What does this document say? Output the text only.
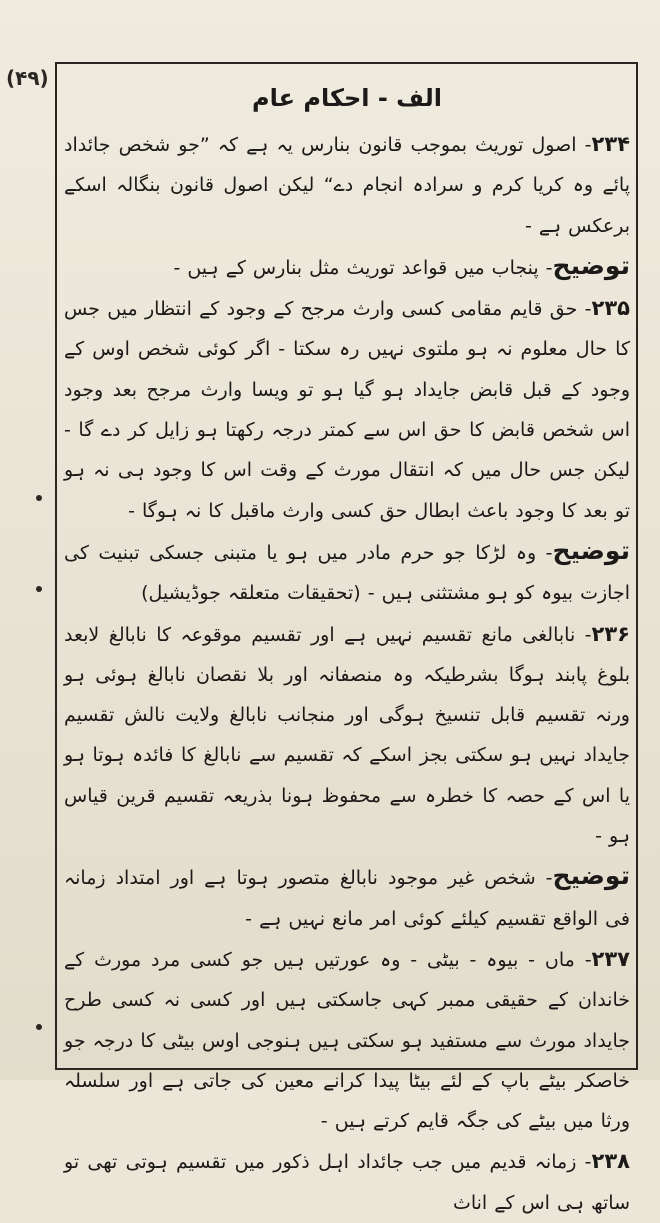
(۴۹)
الف - احکام عام

۲۳۴- اصول توریث بموجب قانون بنارس یہ ہے کہ ”جو شخص جائداد پائے وہ کریا کرم و سرادہ انجام دے“ لیکن اصول قانون بنگالہ اسکے برعکس ہے -

توضیح- پنجاب میں قواعد توریث مثل بنارس کے ہیں -

۲۳۵- حق قایم مقامی کسی وارث مرجح کے وجود کے انتظار میں جس کا حال معلوم نہ ہو ملتوی نہیں رہ سکتا - اگر کوئی شخص اوس کے وجود کے قبل قابض جایداد ہو گیا ہو تو ویسا وارث مرجح بعد وجود اس شخص قابض کا حق اس سے کمتر درجہ رکھتا ہو زایل کر دے گا - لیکن جس حال میں کہ انتقال مورث کے وقت اس کا وجود ہی نہ ہو تو بعد کا وجود باعث ابطال حق کسی وارث ماقبل کا نہ ہوگا -

توضیح- وہ لڑکا جو حرم مادر میں ہو یا متبنی جسکی تبنیت کی اجازت بیوہ کو ہو مشتثنی ہیں - (تحقیقات متعلقہ جوڈیشیل)

۲۳۶- نابالغی مانع تقسیم نہیں ہے اور تقسیم موقوعہ کا نابالغ لابعد بلوغ پابند ہوگا بشرطیکہ وہ منصفانہ اور بلا نقصان نابالغ ہوئی ہو ورنہ تقسیم قابل تنسیخ ہوگی اور منجانب نابالغ ولایت نالش تقسیم جایداد نہیں ہو سکتی بجز اسکے کہ تقسیم سے نابالغ کا فائدہ ہوتا ہو یا اس کے حصہ کا خطرہ سے محفوظ ہونا بذریعہ تقسیم قرین قیاس ہو -

توضیح- شخص غیر موجود نابالغ متصور ہوتا ہے اور امتداد زمانہ فی الواقع تقسیم کیلئے کوئی امر مانع نہیں ہے -

۲۳۷- ماں - بیوہ - بیٹی - وہ عورتیں ہیں جو کسی مرد مورث کے خاندان کے حقیقی ممبر کہی جاسکتی ہیں اور کسی نہ کسی طرح جایداد مورث سے مستفید ہو سکتی ہیں ہنوجی اوس بیٹی کا درجہ جو خاصکر بیٹے باپ کے لئے بیٹا پیدا کرانے معین کی جاتی ہے اور سلسلہ ورثا میں بیٹے کی جگہ قایم کرتے ہیں -

۲۳۸- زمانہ قدیم میں جب جائداد اہل ذکور میں تقسیم ہوتی تھی تو ساتھ ہی اس کے اناث
